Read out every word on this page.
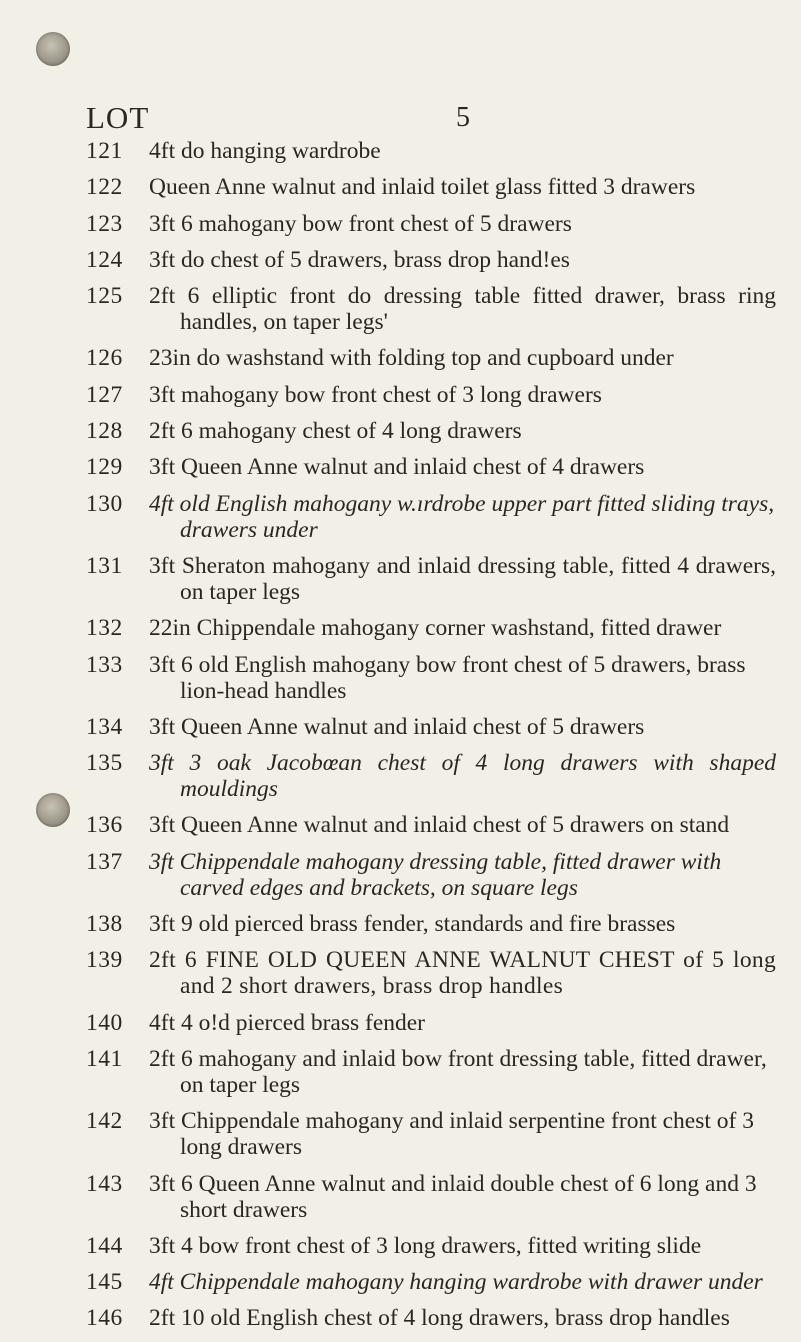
LOT	5
121	4ft do hanging wardrobe
122	Queen Anne walnut and inlaid toilet glass fitted 3 drawers
123	3ft 6 mahogany bow front chest of 5 drawers
124	3ft do chest of 5 drawers, brass drop hand!es
125	2ft 6 elliptic front do dressing table fitted drawer, brass ring handles, on taper legs'
126	23in do washstand with folding top and cupboard under
127	3ft mahogany bow front chest of 3 long drawers
128	2ft 6 mahogany chest of 4 long drawers
129	3ft Queen Anne walnut and inlaid chest of 4 drawers
130	4ft old English mahogany w.ırdrobe upper part fitted sliding trays, drawers under
131	3ft Sheraton mahogany and inlaid dressing table, fitted 4 drawers, on taper legs
132	22in Chippendale mahogany corner washstand, fitted drawer
133	3ft 6 old English mahogany bow front chest of 5 drawers, brass lion-head handles
134	3ft Queen Anne walnut and inlaid chest of 5 drawers
135	3ft 3 oak Jacobœan chest of 4 long drawers with shaped mouldings
136	3ft Queen Anne walnut and inlaid chest of 5 drawers on stand
137	3ft Chippendale mahogany dressing table, fitted drawer with carved edges and brackets, on square legs
138	3ft 9 old pierced brass fender, standards and fire brasses
139	2ft 6 FINE OLD QUEEN ANNE WALNUT CHEST of 5 long and 2 short drawers, brass drop handles
140	4ft 4 o!d pierced brass fender
141	2ft 6 mahogany and inlaid bow front dressing table, fitted drawer, on taper legs
142	3ft Chippendale mahogany and inlaid serpentine front chest of 3 long drawers
143	3ft 6 Queen Anne walnut and inlaid double chest of 6 long and 3 short drawers
144	3ft 4 bow front chest of 3 long drawers, fitted writing slide
145	4ft Chippendale mahogany hanging wardrobe with drawer under
146	2ft 10 old English chest of 4 long drawers, brass drop handles
